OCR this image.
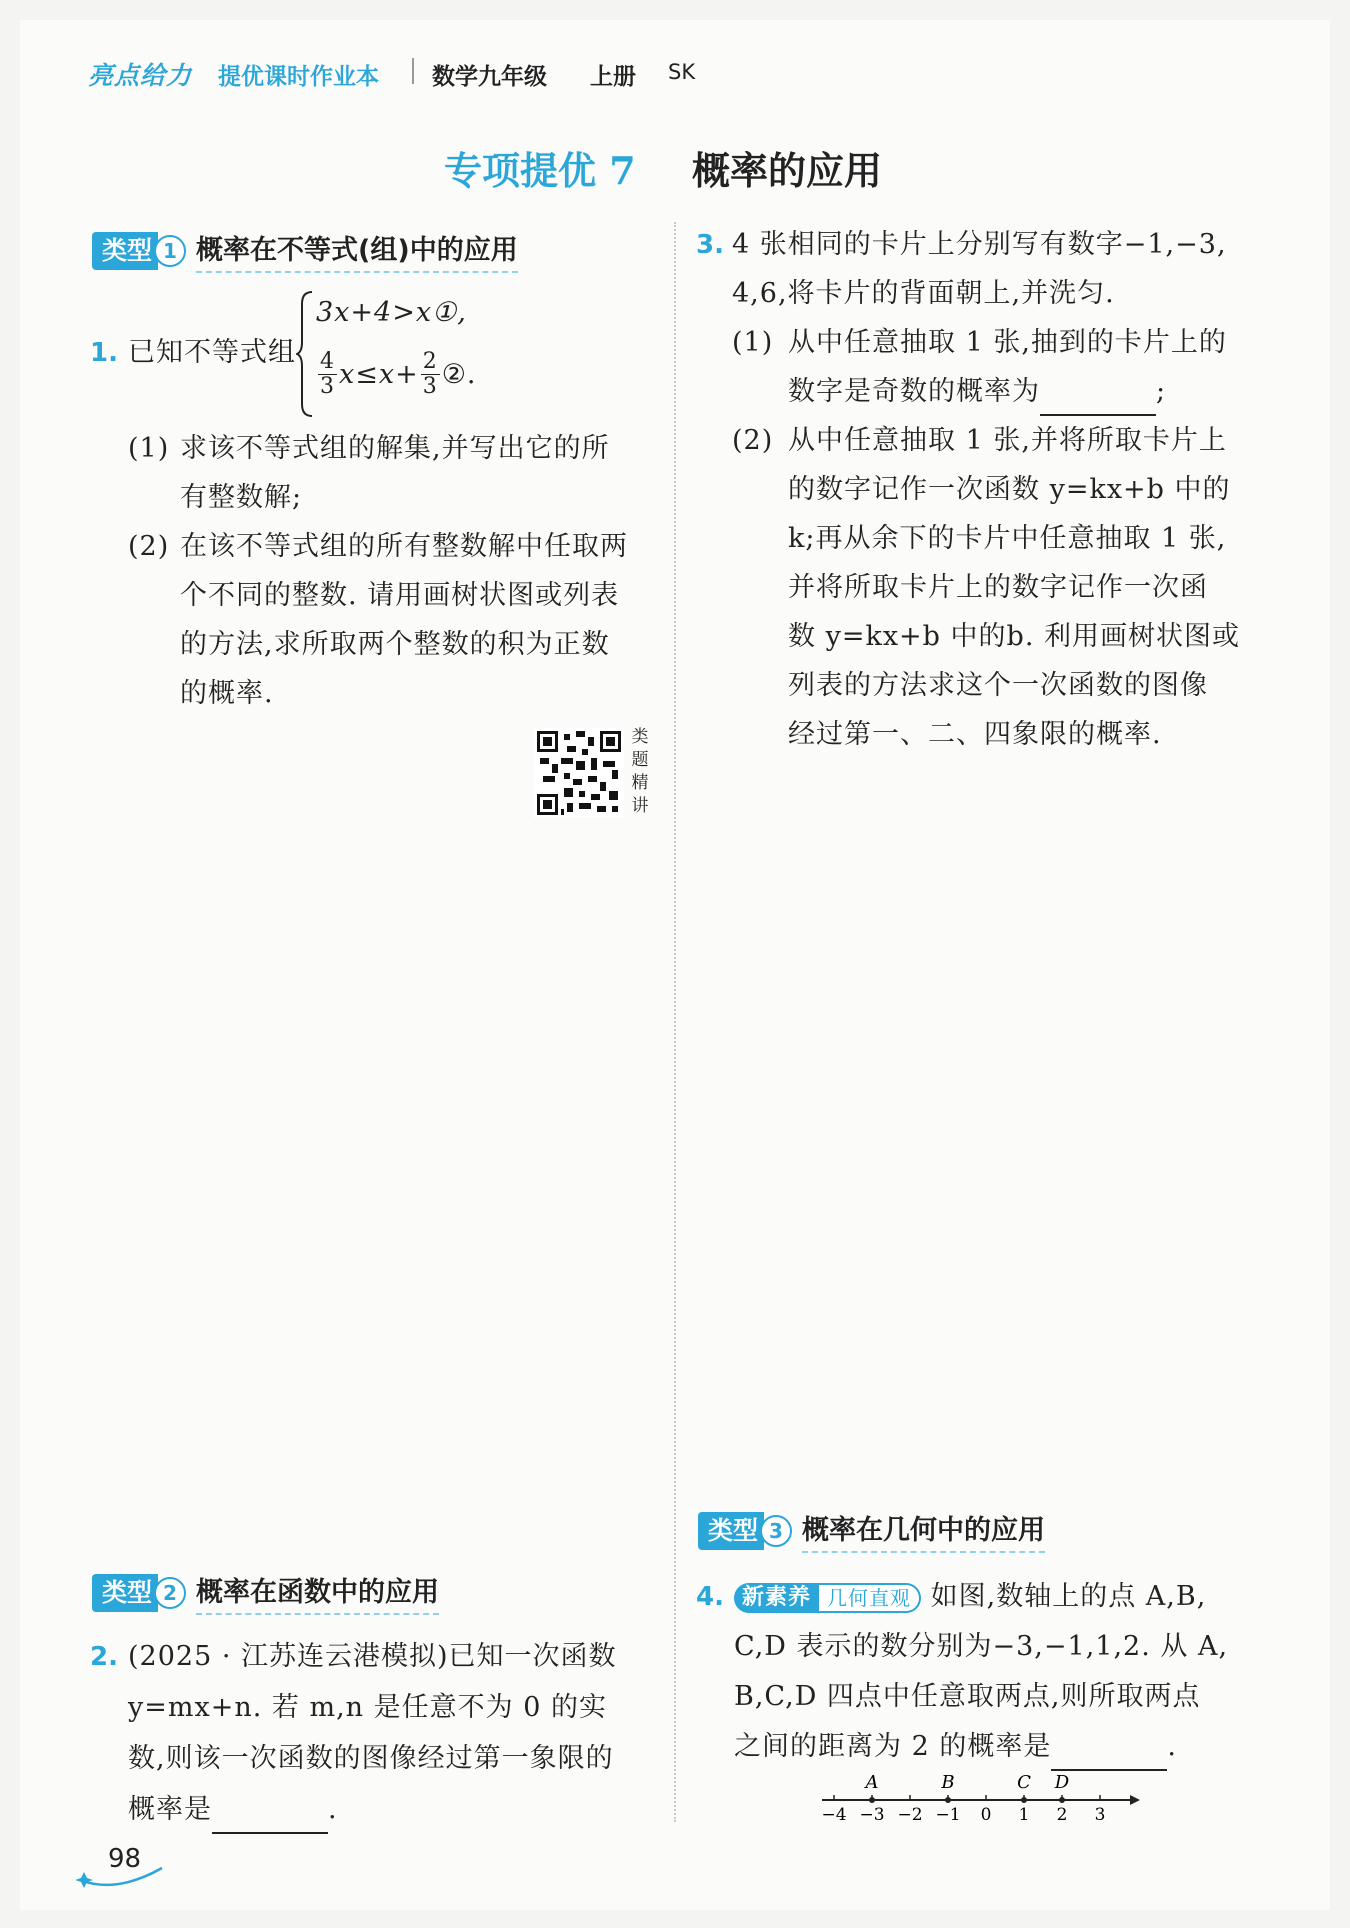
亮点给力 提优课时作业本 数学九年级 上册 SK
专项提优 7 概率的应用
类型 1 概率在不等式(组)中的应用
1. 已知不等式组
3x+4>x①,
$\frac{4}{3} x\le x+ \frac{2}{3}$ ②.
(1) 求该不等式组的解集,并写出它的所
有整数解;
(2) 在该不等式组的所有整数解中任取两
个不同的整数. 请用画树状图或列表
的方法,求所取两个整数的积为正数
的概率.
类
题
精
讲
类型 2 概率在函数中的应用
2. (2025 · 江苏连云港模拟)已知一次函数
y=mx+n. 若 m,n 是任意不为 0 的实
数,则该一次函数的图像经过第一象限的
概率是	.
3. 4 张相同的卡片上分别写有数字−1,−3,
4,6,将卡片的背面朝上,并洗匀.
(1) 从中任意抽取 1 张,抽到的卡片上的
数字是奇数的概率为	;
(2) 从中任意抽取 1 张,并将所取卡片上
的数字记作一次函数 y=kx+b 中的
k;再从余下的卡片中任意抽取 1 张,
并将所取卡片上的数字记作一次函
数 y=kx+b 中的b. 利用画树状图或
列表的方法求这个一次函数的图像
经过第一、二、四象限的概率.
类型 3 概率在几何中的应用
4. 新素养 几何直观 如图,数轴上的点 A,B,
C,D 表示的数分别为−3,−1,1,2. 从 A,
B,C,D 四点中任意取两点,则所取两点
之间的距离为 2 的概率是	.
−4 −3 −2 −1 0 1 2 3
A	B	C D
98
